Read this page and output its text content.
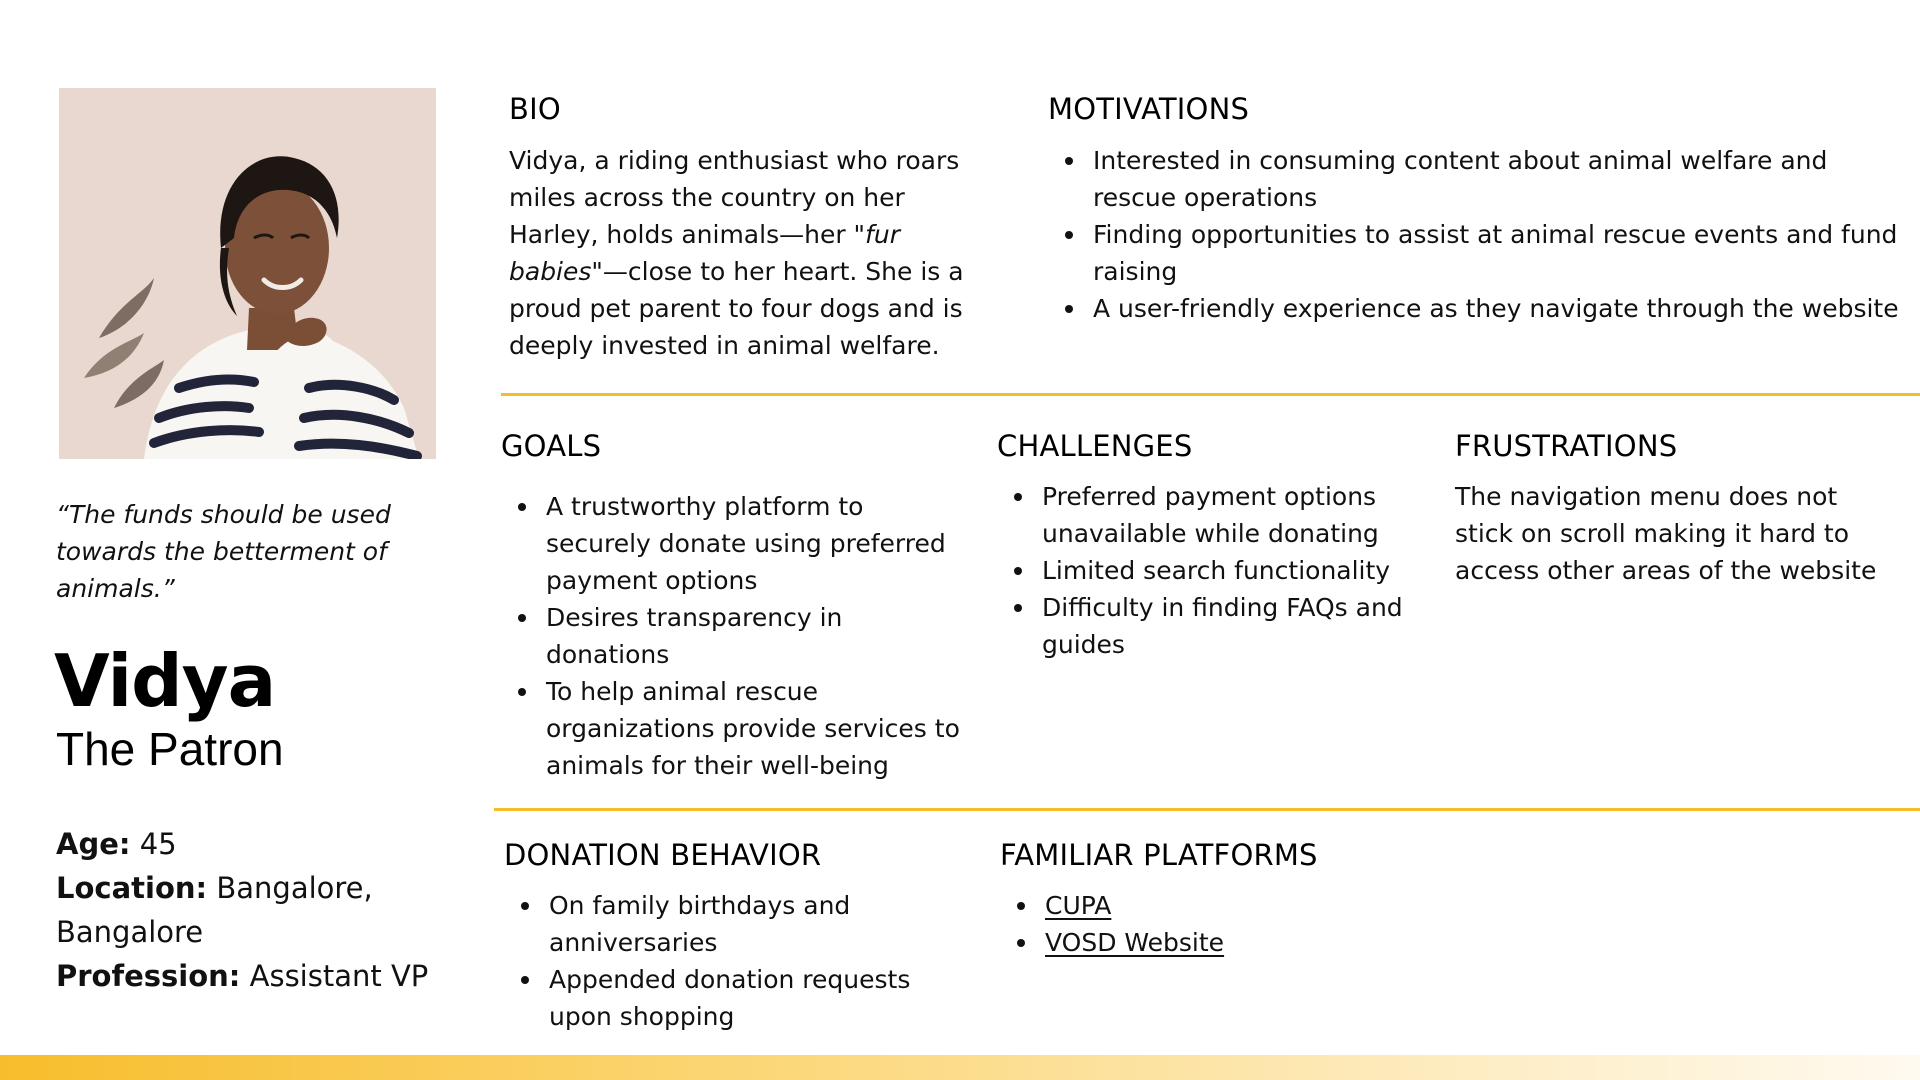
“The funds should be used towards the betterment of animals.”
Vidya
The Patron
Age: 45
Location: Bangalore, Bangalore
Profession: Assistant VP
BIO
Vidya, a riding enthusiast who roars miles across the country on her Harley, holds animals—her "fur babies"—close to her heart. She is a proud pet parent to four dogs and is deeply invested in animal welfare.
MOTIVATIONS
Interested in consuming content about animal welfare and rescue operations
Finding opportunities to assist at animal rescue events and fund raising
A user-friendly experience as they navigate through the website
GOALS
A trustworthy platform to securely donate using preferred payment options
Desires transparency in donations
To help animal rescue organizations provide services to animals for their well-being
CHALLENGES
Preferred payment options unavailable while donating
Limited search functionality
Difficulty in finding FAQs and guides
FRUSTRATIONS
The navigation menu does not stick on scroll making it hard to access other areas of the website
DONATION BEHAVIOR
On family birthdays and anniversaries
Appended donation requests upon shopping
FAMILIAR PLATFORMS
CUPA
VOSD Website
